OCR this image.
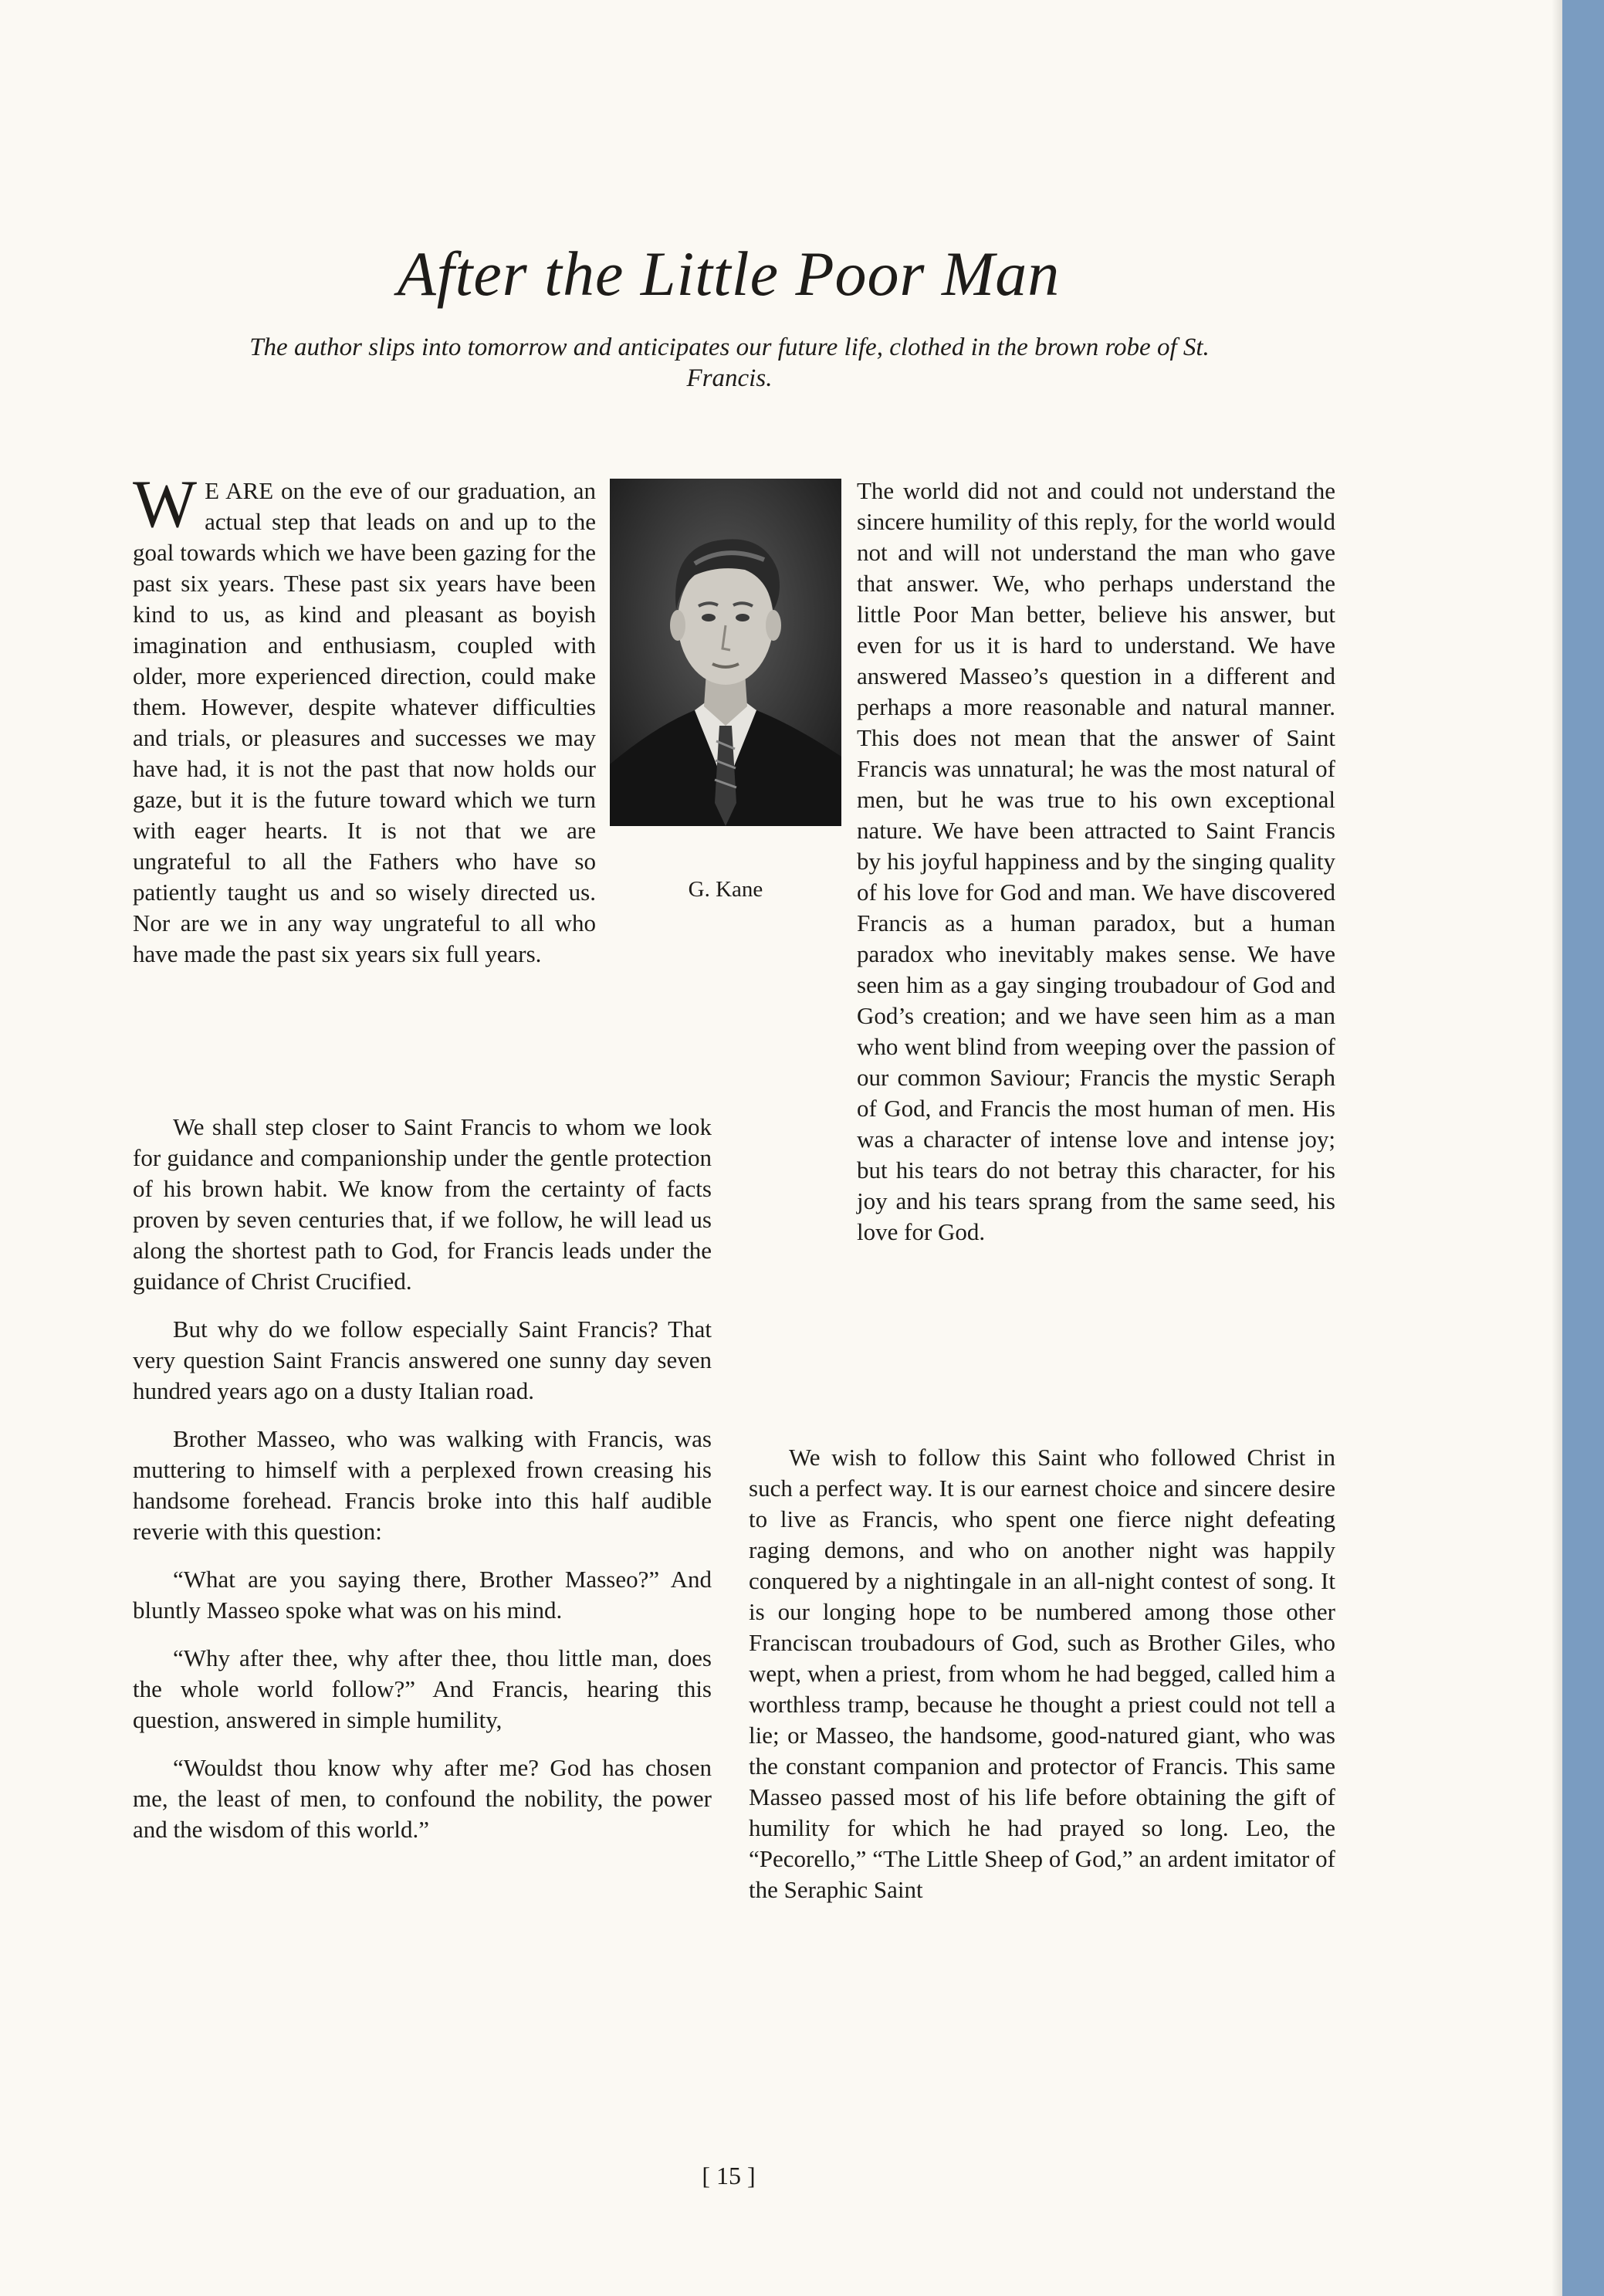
After the Little Poor Man
The author slips into tomorrow and anticipates our future life, clothed in the brown robe of St. Francis.
G. Kane

W E ARE on the eve of our graduation, an actual step that leads on and up to the goal towards which we have been gazing for the past six years. These past six years have been kind to us, as kind and pleasant as boyish imagination and enthusiasm, coupled with older, more experienced direction, could make them. However, despite whatever difficulties and trials, or pleasures and successes we may have had, it is not the past that now holds our gaze, but it is the future toward which we turn with eager hearts. It is not that we are ungrateful to all the Fathers who have so patiently taught us and so wisely directed us. Nor are we in any way ungrateful to all who have made the past six years six full years.

The world did not and could not understand the sincere humility of this reply, for the world would not and will not understand the man who gave that answer. We, who perhaps understand the little Poor Man better, believe his answer, but even for us it is hard to understand. We have answered Masseo’s question in a different and perhaps a more reasonable and natural manner. This does not mean that the answer of Saint Francis was unnatural; he was the most natural of men, but he was true to his own exceptional nature. We have been attracted to Saint Francis by his joyful happiness and by the singing quality of his love for God and man. We have discovered Francis as a human paradox, but a human paradox who inevitably makes sense. We have seen him as a gay singing troubadour of God and God’s creation; and we have seen him as a man who went blind from weeping over the passion of our common Saviour; Francis the mystic Seraph of God, and Francis the most human of men. His was a character of intense love and intense joy; but his tears do not betray this character, for his joy and his tears sprang from the same seed, his love for God.

We shall step closer to Saint Francis to whom we look for guidance and companionship under the gentle protection of his brown habit. We know from the certainty of facts proven by seven centuries that, if we follow, he will lead us along the shortest path to God, for Francis leads under the guidance of Christ Crucified.

But why do we follow especially Saint Francis? That very question Saint Francis answered one sunny day seven hundred years ago on a dusty Italian road.

Brother Masseo, who was walking with Francis, was muttering to himself with a perplexed frown creasing his handsome forehead. Francis broke into this half audible reverie with this question:

“What are you saying there, Brother Masseo?” And bluntly Masseo spoke what was on his mind.

“Why after thee, why after thee, thou little man, does the whole world follow?” And Francis, hearing this question, answered in simple humility,

“Wouldst thou know why after me? God has chosen me, the least of men, to confound the nobility, the power and the wisdom of this world.”

We wish to follow this Saint who followed Christ in such a perfect way. It is our earnest choice and sincere desire to live as Francis, who spent one fierce night defeating raging demons, and who on another night was happily conquered by a nightingale in an all-night contest of song. It is our longing hope to be numbered among those other Franciscan troubadours of God, such as Brother Giles, who wept, when a priest, from whom he had begged, called him a worthless tramp, because he thought a priest could not tell a lie; or Masseo, the handsome, good-natured giant, who was the constant companion and protector of Francis. This same Masseo passed most of his life before obtaining the gift of humility for which he had prayed so long. Leo, the “Pecorello,” “The Little Sheep of God,” an ardent imitator of the Seraphic Saint

[ 15 ]
